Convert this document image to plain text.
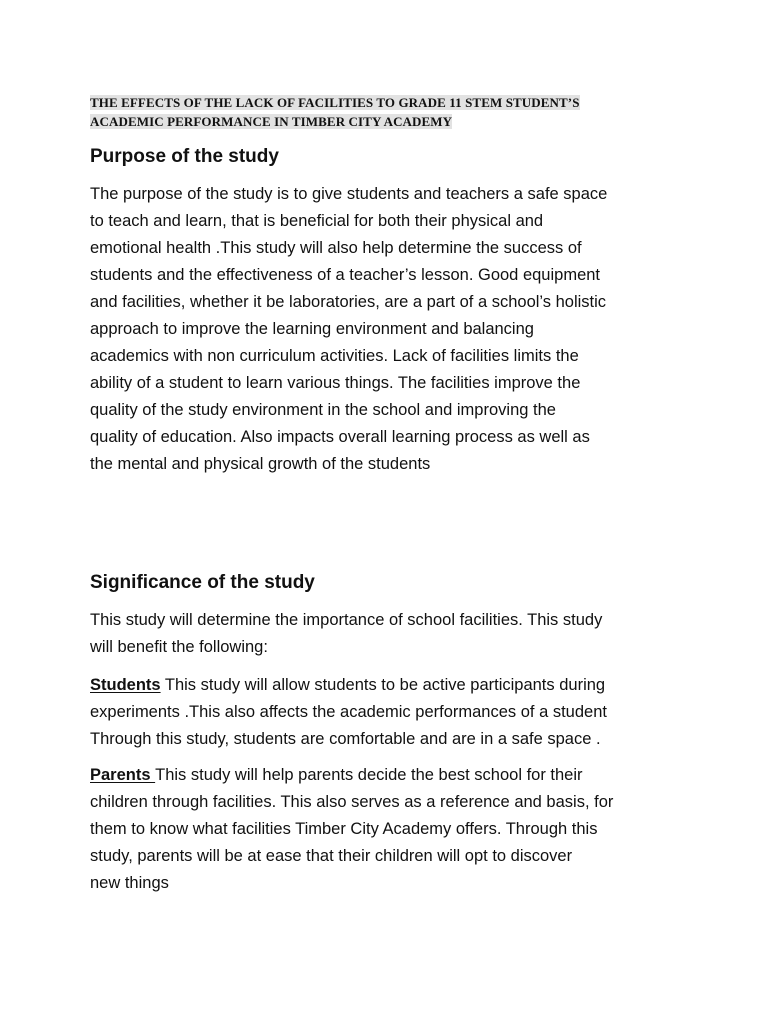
THE EFFECTS OF THE LACK OF FACILITIES TO GRADE 11 STEM STUDENT’S
ACADEMIC PERFORMANCE IN TIMBER CITY ACADEMY

Purpose of the study

The purpose of the study is to give students and teachers a safe space
to teach and learn, that is beneficial for both their physical and
emotional health .This study will also help determine the success of
students and the effectiveness of a teacher’s lesson. Good equipment
and facilities, whether it be laboratories, are a part of a school’s holistic
approach to improve the learning environment and balancing
academics with non curriculum activities. Lack of facilities limits the
ability of a student to learn various things. The facilities improve the
quality of the study environment in the school and improving the
quality of education. Also impacts overall learning process as well as
the mental and physical growth of the students

Significance of the study

This study will determine the importance of school facilities. This study
will benefit the following:

Students This study will allow students to be active participants during
experiments .This also affects the academic performances of a student
Through this study, students are comfortable and are in a safe space .

Parents This study will help parents decide the best school for their
children through facilities. This also serves as a reference and basis, for
them to know what facilities Timber City Academy offers. Through this
study, parents will be at ease that their children will opt to discover
new things
